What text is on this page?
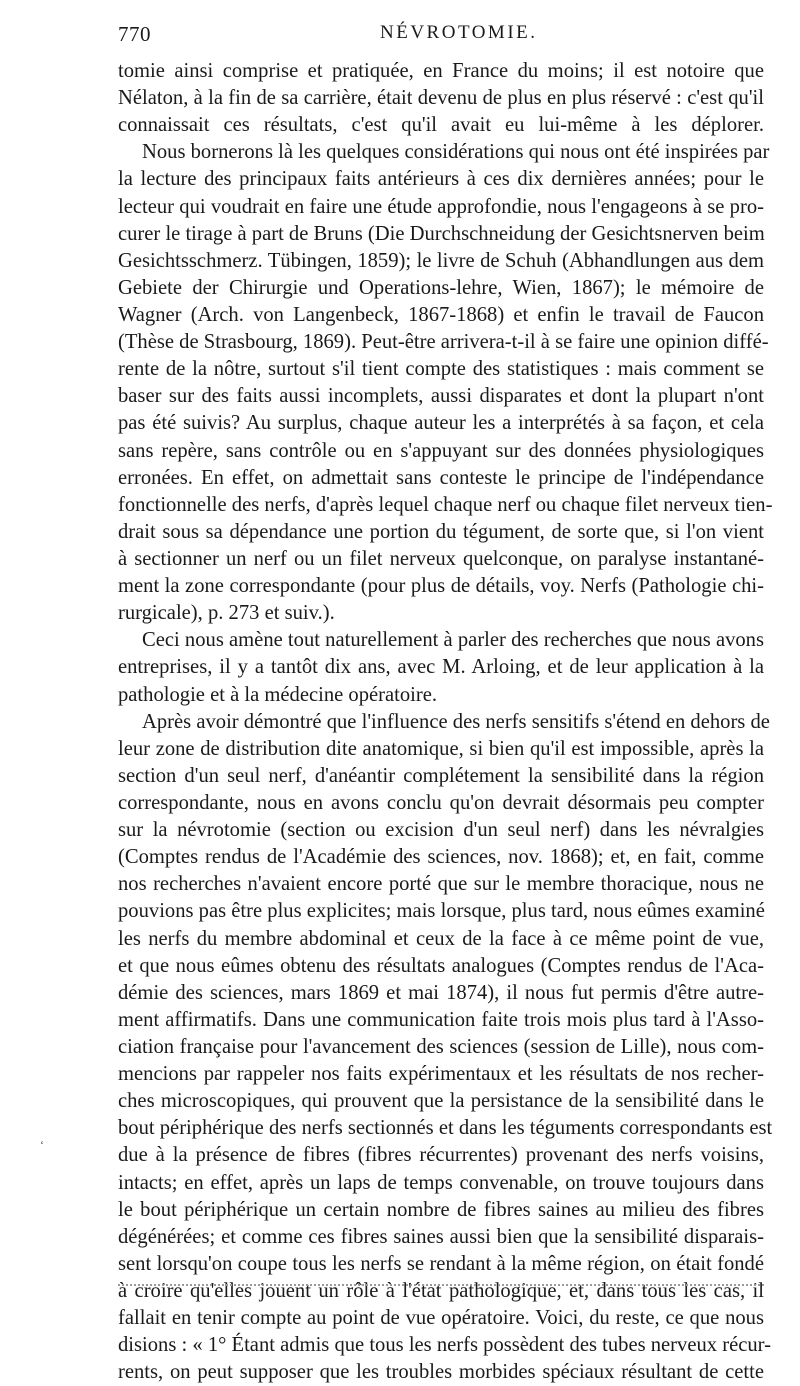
770	NÉVROTOMIE.
tomie ainsi comprise et pratiquée, en France du moins; il est notoire que Nélaton, à la fin de sa carrière, était devenu de plus en plus réservé : c'est qu'il connaissait ces résultats, c'est qu'il avait eu lui-même à les déplorer.
Nous bornerons là les quelques considérations qui nous ont été inspirées par
la lecture des principaux faits antérieurs à ces dix dernières années; pour le
lecteur qui voudrait en faire une étude approfondie, nous l'engageons à se pro-
curer le tirage à part de Bruns (Die Durchschneidung der Gesichtsnerven beim
Gesichtsschmerz. Tübingen, 1859); le livre de Schuh (Abhandlungen aus dem
Gebiete der Chirurgie und Operations-lehre, Wien, 1867); le mémoire de
Wagner (Arch. von Langenbeck, 1867-1868) et enfin le travail de Faucon
(Thèse de Strasbourg, 1869). Peut-être arrivera-t-il à se faire une opinion diffé-
rente de la nôtre, surtout s'il tient compte des statistiques : mais comment se
baser sur des faits aussi incomplets, aussi disparates et dont la plupart n'ont
pas été suivis? Au surplus, chaque auteur les a interprétés à sa façon, et cela
sans repère, sans contrôle ou en s'appuyant sur des données physiologiques
erronées. En effet, on admettait sans conteste le principe de l'indépendance
fonctionnelle des nerfs, d'après lequel chaque nerf ou chaque filet nerveux tien-
drait sous sa dépendance une portion du tégument, de sorte que, si l'on vient
à sectionner un nerf ou un filet nerveux quelconque, on paralyse instantané-
ment la zone correspondante (pour plus de détails, voy. Nerfs (Pathologie chi-
rurgicale), p. 273 et suiv.).
Ceci nous amène tout naturellement à parler des recherches que nous avons
entreprises, il y a tantôt dix ans, avec M. Arloing, et de leur application à la
pathologie et à la médecine opératoire.
Après avoir démontré que l'influence des nerfs sensitifs s'étend en dehors de
leur zone de distribution dite anatomique, si bien qu'il est impossible, après la
section d'un seul nerf, d'anéantir complétement la sensibilité dans la région
correspondante, nous en avons conclu qu'on devrait désormais peu compter
sur la névrotomie (section ou excision d'un seul nerf) dans les névralgies
(Comptes rendus de l'Académie des sciences, nov. 1868); et, en fait, comme
nos recherches n'avaient encore porté que sur le membre thoracique, nous ne
pouvions pas être plus explicites; mais lorsque, plus tard, nous eûmes examiné
les nerfs du membre abdominal et ceux de la face à ce même point de vue,
et que nous eûmes obtenu des résultats analogues (Comptes rendus de l'Aca-
démie des sciences, mars 1869 et mai 1874), il nous fut permis d'être autre-
ment affirmatifs. Dans une communication faite trois mois plus tard à l'Asso-
ciation française pour l'avancement des sciences (session de Lille), nous com-
mencions par rappeler nos faits expérimentaux et les résultats de nos recher-
ches microscopiques, qui prouvent que la persistance de la sensibilité dans le
bout périphérique des nerfs sectionnés et dans les téguments correspondants est
due à la présence de fibres (fibres récurrentes) provenant des nerfs voisins,
intacts; en effet, après un laps de temps convenable, on trouve toujours dans
le bout périphérique un certain nombre de fibres saines au milieu des fibres
dégénérées; et comme ces fibres saines aussi bien que la sensibilité disparais-
sent lorsqu'on coupe tous les nerfs se rendant à la même région, on était fondé
à croire qu'elles jouent un rôle à l'état pathologique, et, dans tous les cas, il
fallait en tenir compte au point de vue opératoire. Voici, du reste, ce que nous
disions : « 1° Étant admis que tous les nerfs possèdent des tubes nerveux récur-
rents, on peut supposer que les troubles morbides spéciaux résultant de cette
‘
